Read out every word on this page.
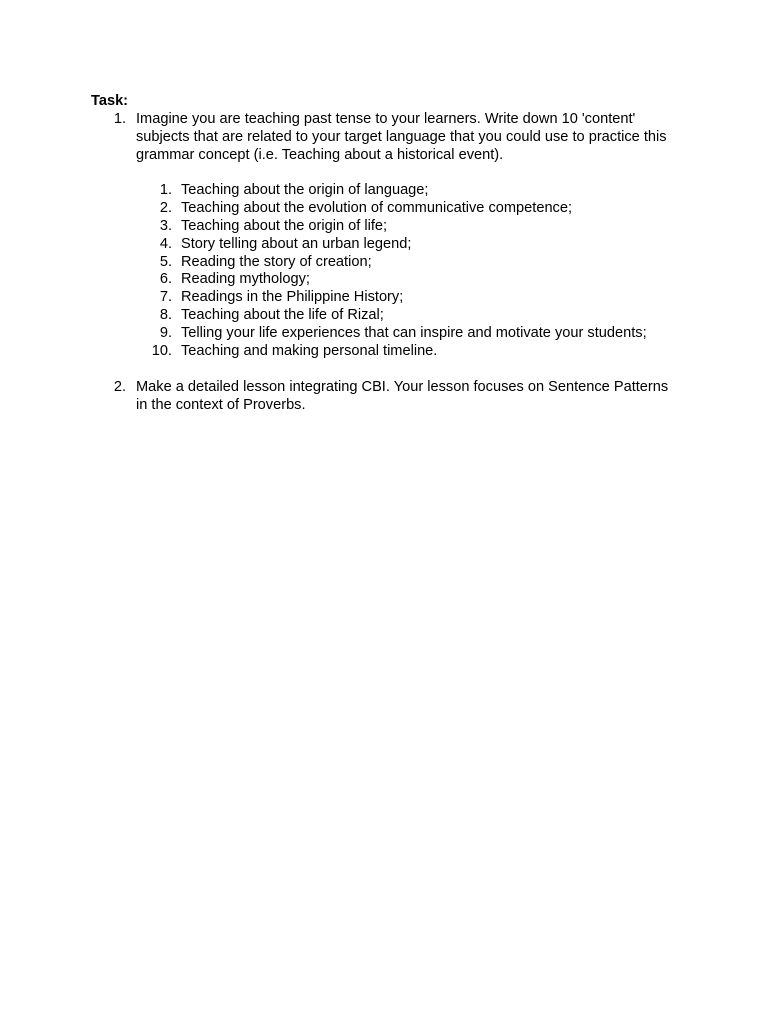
Task:
1. Imagine you are teaching past tense to your learners. Write down 10 'content' subjects that are related to your target language that you could use to practice this grammar concept (i.e. Teaching about a historical event).
1. Teaching about the origin of language;
2. Teaching about the evolution of communicative competence;
3. Teaching about the origin of life;
4. Story telling about an urban legend;
5. Reading the story of creation;
6. Reading mythology;
7. Readings in the Philippine History;
8. Teaching about the life of Rizal;
9. Telling your life experiences that can inspire and motivate your students;
10. Teaching and making personal timeline.
2. Make a detailed lesson integrating CBI. Your lesson focuses on Sentence Patterns in the context of Proverbs.
